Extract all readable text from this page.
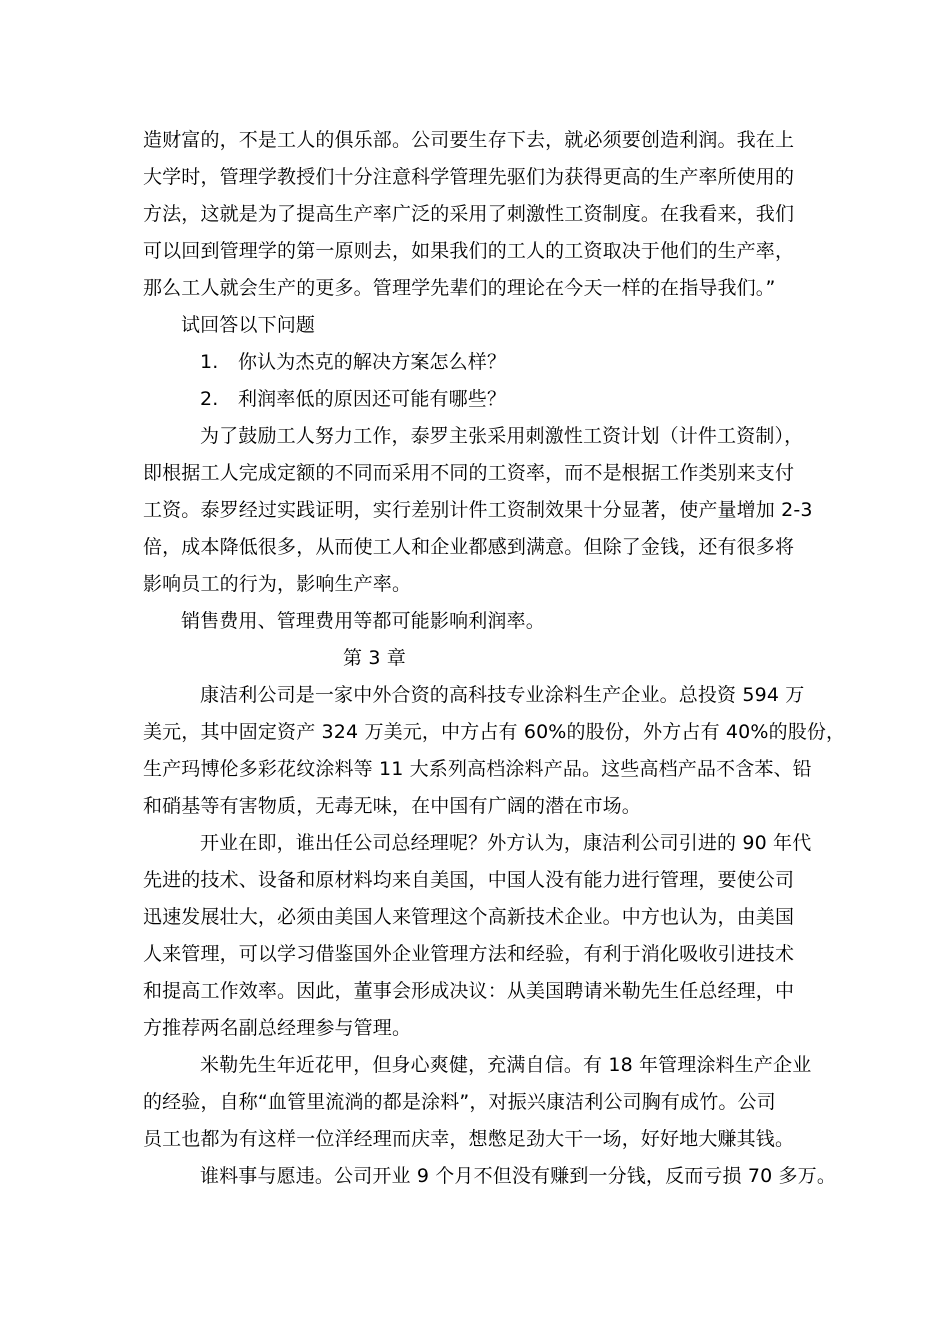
造财富的，不是工人的俱乐部。公司要生存下去，就必须要创造利润。我在上
大学时，管理学教授们十分注意科学管理先驱们为获得更高的生产率所使用的
方法，这就是为了提高生产率广泛的采用了刺激性工资制度。在我看来，我们
可以回到管理学的第一原则去，如果我们的工人的工资取决于他们的生产率，
那么工人就会生产的更多。管理学先辈们的理论在今天一样的在指导我们。”
试回答以下问题
1. 你认为杰克的解决方案怎么样？
2. 利润率低的原因还可能有哪些？
为了鼓励工人努力工作，泰罗主张采用刺激性工资计划（计件工资制），
即根据工人完成定额的不同而采用不同的工资率，而不是根据工作类别来支付
工资。泰罗经过实践证明，实行差别计件工资制效果十分显著，使产量增加 2-3
倍，成本降低很多，从而使工人和企业都感到满意。但除了金钱，还有很多将
影响员工的行为，影响生产率。
销售费用、管理费用等都可能影响利润率。
第 3 章
康洁利公司是一家中外合资的高科技专业涂料生产企业。总投资 594 万
美元，其中固定资产 324 万美元，中方占有 60%的股份，外方占有 40%的股份，
生产玛博伦多彩花纹涂料等 11 大系列高档涂料产品。这些高档产品不含苯、铅
和硝基等有害物质，无毒无味，在中国有广阔的潜在市场。
开业在即，谁出任公司总经理呢？外方认为，康洁利公司引进的 90 年代
先进的技术、设备和原材料均来自美国，中国人没有能力进行管理，要使公司
迅速发展壮大，必须由美国人来管理这个高新技术企业。中方也认为，由美国
人来管理，可以学习借鉴国外企业管理方法和经验，有利于消化吸收引进技术
和提高工作效率。因此，董事会形成决议：从美国聘请米勒先生任总经理，中
方推荐两名副总经理参与管理。
米勒先生年近花甲，但身心爽健，充满自信。有 18 年管理涂料生产企业
的经验，自称“血管里流淌的都是涂料”，对振兴康洁利公司胸有成竹。公司
员工也都为有这样一位洋经理而庆幸，想憋足劲大干一场，好好地大赚其钱。
谁料事与愿违。公司开业 9 个月不但没有赚到一分钱，反而亏损 70 多万。
